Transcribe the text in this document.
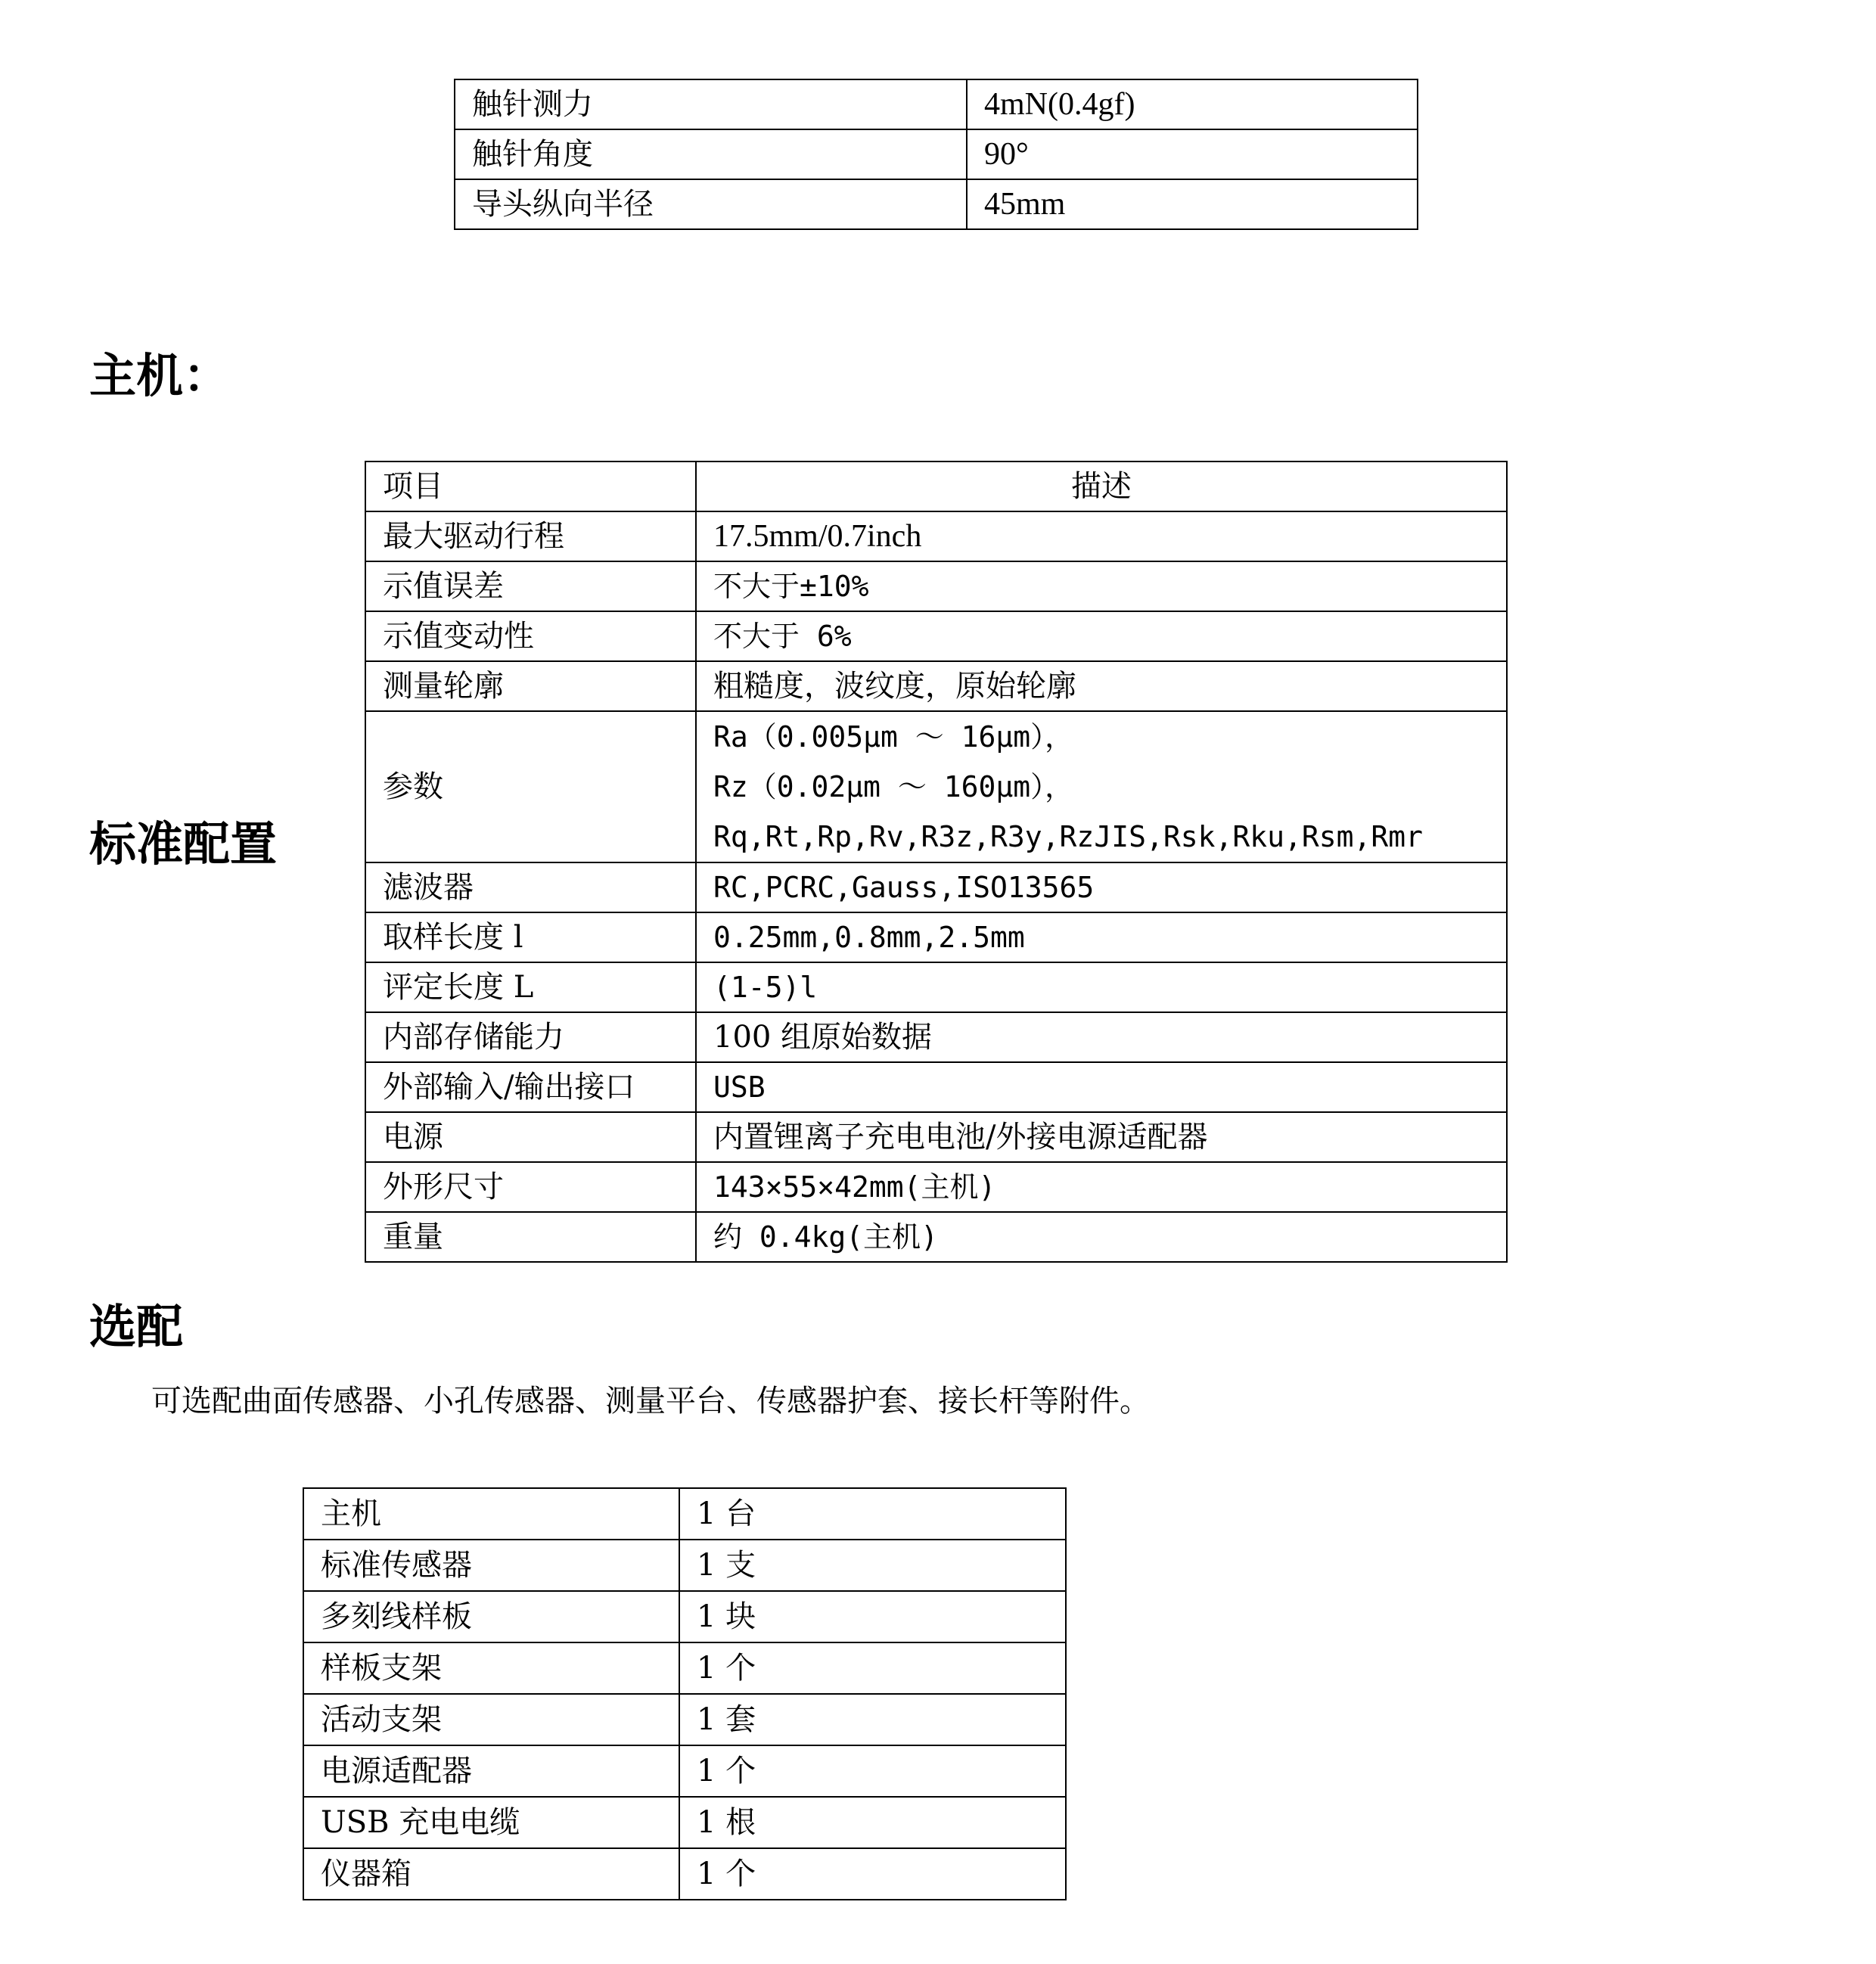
触针测力	4mN(0.4gf)
触针角度	90°
导头纵向半径	45mm
主机：
标准配置
项目	描述
最大驱动行程	17.5mm/0.7inch
示值误差	不大于±10%
示值变动性	不大于 6%
测量轮廓	粗糙度，波纹度，原始轮廓
参数	Ra（0.005μm ～ 16μm），
Rz（0.02μm ～ 160μm），
Rq,Rt,Rp,Rv,R3z,R3y,RzJIS,Rsk,Rku,Rsm,Rmr

滤波器	RC,PCRC,Gauss,ISO13565
取样长度 l	0.25mm,0.8mm,2.5mm
评定长度 L	(1-5)l
内部存储能力	100 组原始数据
外部输入/输出接口	USB
电源	内置锂离子充电电池/外接电源适配器
外形尺寸	143×55×42mm(主机)
重量	约 0.4kg(主机)
选配
可选配曲面传感器、小孔传感器、测量平台、传感器护套、接长杆等附件。
主机	1 台
标准传感器	1 支
多刻线样板	1 块
样板支架	1 个
活动支架	1 套
电源适配器	1 个
USB 充电电缆	1 根
仪器箱	1 个
